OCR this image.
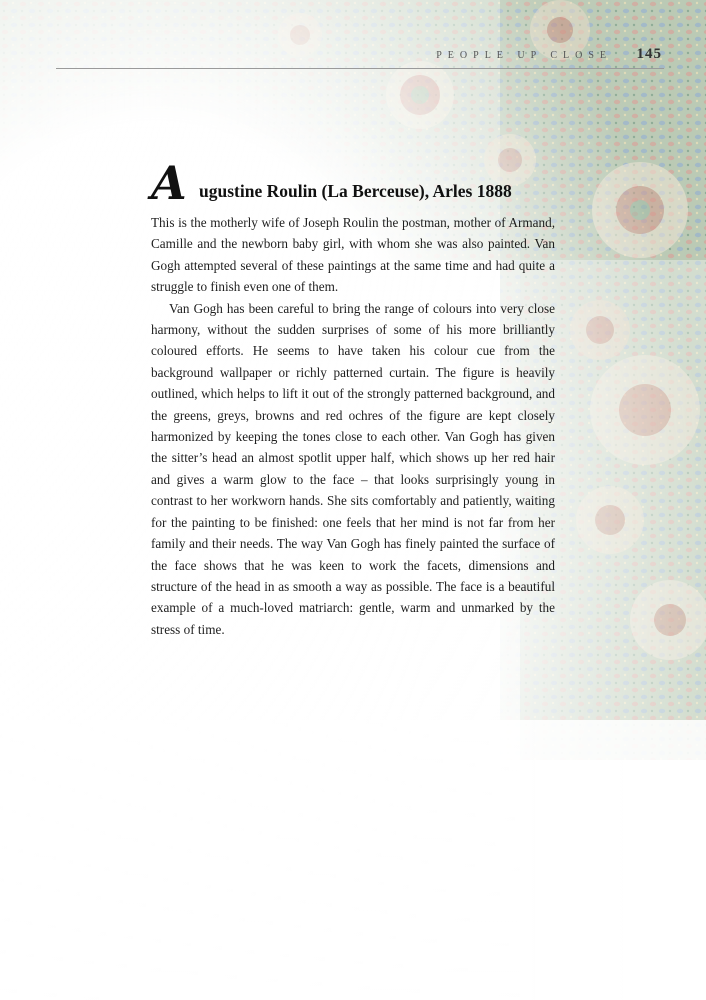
PEOPLE UP CLOSE 145
A ugustine Roulin (La Berceuse), Arles 1888

This is the motherly wife of Joseph Roulin the postman, mother of Armand, Camille and the newborn baby girl, with whom she was also painted. Van Gogh attempted several of these paintings at the same time and had quite a struggle to finish even one of them.

Van Gogh has been careful to bring the range of colours into very close harmony, without the sudden surprises of some of his more brilliantly coloured efforts. He seems to have taken his colour cue from the background wallpaper or richly patterned curtain. The figure is heavily outlined, which helps to lift it out of the strongly patterned background, and the greens, greys, browns and red ochres of the figure are kept closely harmonized by keeping the tones close to each other. Van Gogh has given the sitter’s head an almost spotlit upper half, which shows up her red hair and gives a warm glow to the face – that looks surprisingly young in contrast to her workworn hands. She sits comfortably and patiently, waiting for the painting to be finished: one feels that her mind is not far from her family and their needs. The way Van Gogh has finely painted the surface of the face shows that he was keen to work the facets, dimensions and structure of the head in as smooth a way as possible. The face is a beautiful example of a much-loved matriarch: gentle, warm and unmarked by the stress of time.
